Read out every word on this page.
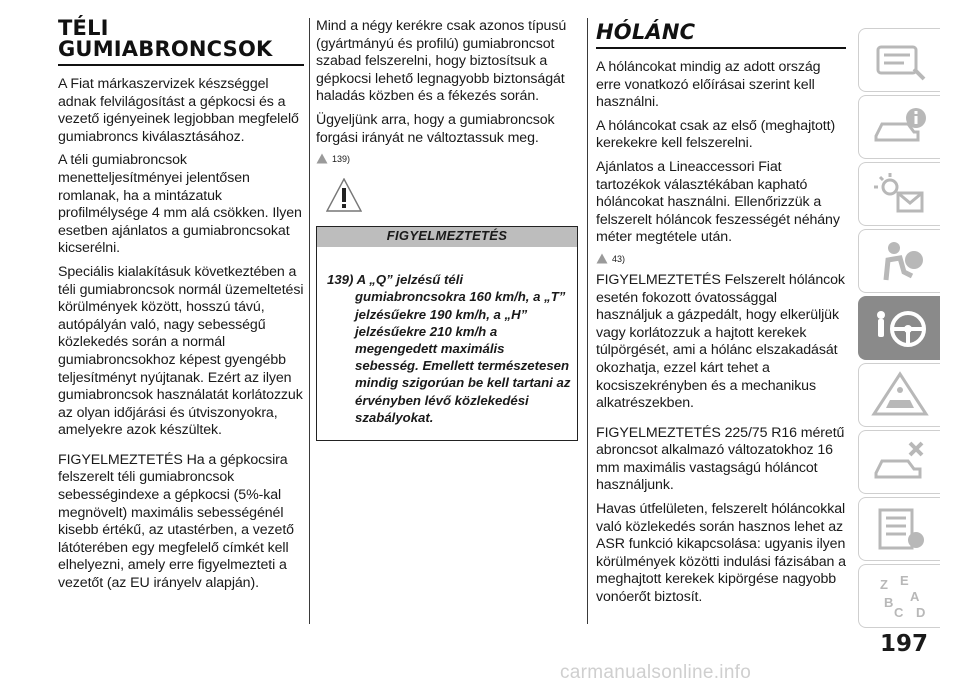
TÉLI
GUMIABRONCSOK

A Fiat márkaszervizek készséggel adnak felvilágosítást a gépkocsi és a vezető igényeinek legjobban megfelelő gumiabroncs kiválasztásához.

A téli gumiabroncsok menetteljesítményei jelentősen romlanak, ha a mintázatuk profilmélysége 4 mm alá csökken. Ilyen esetben ajánlatos a gumiabroncsokat kicserélni.

Speciális kialakításuk következtében a téli gumiabroncsok normál üzemeltetési körülmények között, hosszú távú, autópályán való, nagy sebességű közlekedés során a normál gumiabroncsokhoz képest gyengébb teljesítményt nyújtanak. Ezért az ilyen gumiabroncsok használatát korlátozzuk az olyan időjárási és útviszonyokra, amelyekre azok készültek.

FIGYELMEZTETÉS Ha a gépkocsira felszerelt téli gumiabroncsok sebességindexe a gépkocsi (5%-kal megnövelt) maximális sebességénél kisebb értékű, az utastérben, a vezető látóterében egy megfelelő címkét kell elhelyezni, amely erre figyelmezteti a vezetőt (az EU irányelv alapján).

Mind a négy kerékre csak azonos típusú (gyártmányú és profilú) gumiabroncsot szabad felszerelni, hogy biztosítsuk a gépkocsi lehető legnagyobb biztonságát haladás közben és a fékezés során.

Ügyeljünk arra, hogy a gumiabroncsok forgási irányát ne változtassuk meg.

139)
FIGYELMEZTETÉS

139) A „Q” jelzésű téli gumiabroncsokra 160 km/h, a „T” jelzésűekre 190 km/h, a „H” jelzésűekre 210 km/h a megengedett maximális sebesség. Emellett természetesen mindig szigorúan be kell tartani az érvényben lévő közlekedési szabályokat.

HÓLÁNC

A hóláncokat mindig az adott ország erre vonatkozó előírásai szerint kell használni.

A hóláncokat csak az első (meghajtott) kerekekre kell felszerelni.

Ajánlatos a Lineaccessori Fiat tartozékok választékában kapható hóláncokat használni. Ellenőrizzük a felszerelt hóláncok feszességét néhány méter megtétele után.

43)

FIGYELMEZTETÉS Felszerelt hóláncok esetén fokozott óvatossággal használjuk a gázpedált, hogy elkerüljük vagy korlátozzuk a hajtott kerekek túlpörgését, ami a hólánc elszakadását okozhatja, ezzel kárt tehet a kocsiszekrényben és a mechanikus alkatrészekben.

FIGYELMEZTETÉS 225/75 R16 méretű abroncsot alkalmazó változatokhoz 16 mm maximális vastagságú hóláncot használjunk.

Havas útfelületen, felszerelt hóláncokkal való közlekedés során hasznos lehet az ASR funkció kikapcsolása: ugyanis ilyen körülmények közötti indulási fázisában a meghajtott kerekek kipörgése nagyobb vonóerőt biztosít.

Z E
A
B
C D
197
carmanualsonline.info
